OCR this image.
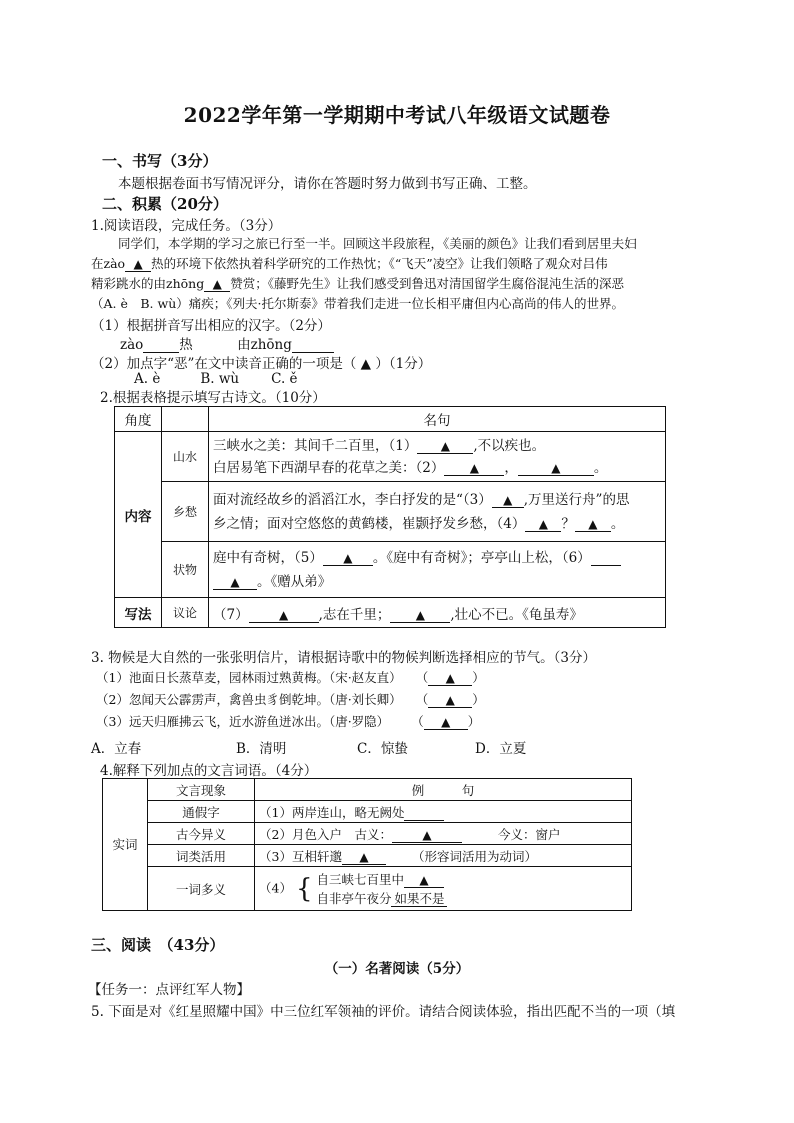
2022学年第一学期期中考试八年级语文试题卷
一、书写（3分）
本题根据卷面书写情况评分，请你在答题时努力做到书写正确、工整。
二、积累（20分）
1.阅读语段，完成任务。（3分）
同学们，本学期的学习之旅已行至一半。回顾这半段旅程，《美丽的颜色》让我们看到居里夫妇
在zào ▲ 热的环境下依然执着科学研究的工作热忱；《“飞天”凌空》让我们领略了观众对吕伟
精彩跳水的由zhōng ▲ 赞赏；《藤野先生》让我们感受到鲁迅对清国留学生腐俗混沌生活的深恶
（A. è　B. wù）痛疾；《列夫·托尔斯泰》带着我们走进一位长相平庸但内心高尚的伟人的世界。
（1）根据拼音写出相应的汉字。（2分）
zào	热	由zhōng
（2）加点字“恶”在文中读音正确的一项是（ ▲ ）（1分）
A. è	B. wù C. ě
2.根据表格提示填写古诗文。（10分）
角度		名句
内容	山水	三峡水之美：其间千二百里，（1） ▲ ,不以疾也。
白居易笔下西湖早春的花草之美：（2） ▲ ， ▲ 。
	乡愁	面对流经故乡的滔滔江水，李白抒发的是“（3） ▲ ,万里送行舟”的思
乡之情；面对空悠悠的黄鹤楼，崔颢抒发乡愁，（4） ▲ ？ ▲ 。
	状物	庭中有奇树，（5） ▲ 。《庭中有奇树》；亭亭山上松，（6）
▲ 。《赠从弟》
写法	议论	（7） ▲ ,志在千里； ▲ ,壮心不已。《龟虽寿》
3. 物候是大自然的一张张明信片，请根据诗歌中的物候判断选择相应的节气。（3分）
（1）池面日长蒸草麦，园林雨过熟黄梅。（宋·赵友直） （ ▲ ）
（2）忽闻天公霹雳声，禽兽虫豸倒乾坤。（唐·刘长卿） （ ▲ ）
（3）远天归雁拂云飞，近水游鱼迸冰出。（唐·罗隐） （ ▲ ）
A．立春	B．清明	C．惊蛰	D．立夏
4.解释下列加点的文言词语。（4分）
实词	文言现象	例　　　句
	通假字	（1）两岸连山，略无阙处
	古今异义	（2）月色入户　古义： ▲ 今义：窗户
	词类活用	（3）互相轩邈 ▲ （形容词活用为动词）
	一词多义	（4） { 自三峡七百里中 ▲
自非亭午夜分 如果不是
三、阅读　（43分）
（一）名著阅读（5分）
【任务一：点评红军人物】
5. 下面是对《红星照耀中国》中三位红军领袖的评价。请结合阅读体验，指出匹配不当的一项（填
